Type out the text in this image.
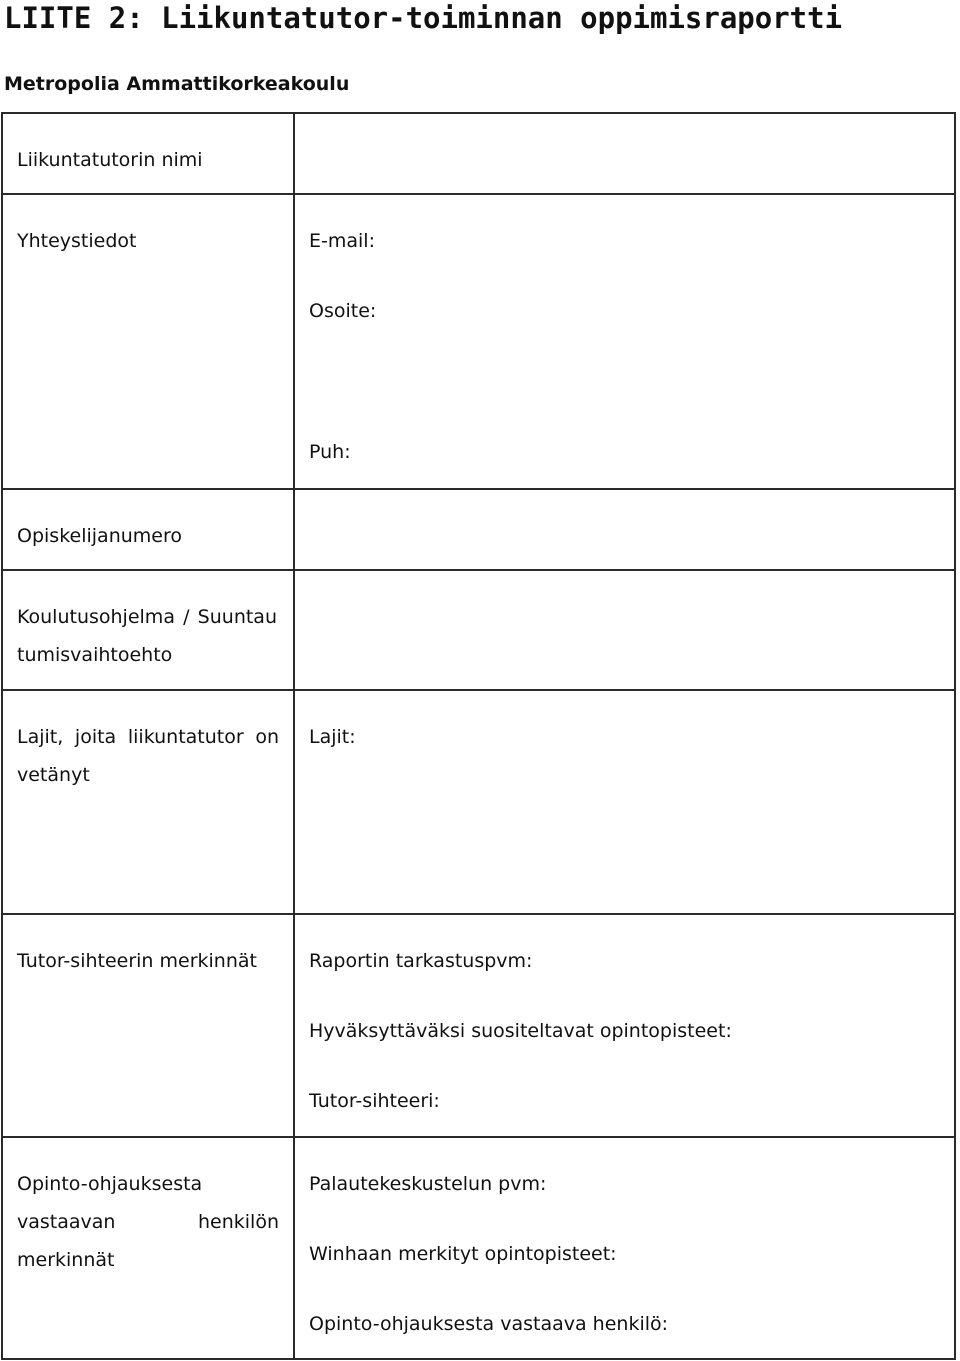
LIITE 2: Liikuntatutor-toiminnan oppimisraportti
Metropolia Ammattikorkeakoulu
Liikuntatutorin nimi	

Yhteystiedot	E-mail:
Osoite:
Puh:

Opiskelijanumero	

Koulutusohjelma / Suuntautumisvaihtoehto	

Lajit, joita liikuntatutor on vetänyt	Lajit:

Tutor-sihteerin merkinnät	Raportin tarkastuspvm:
Hyväksyttäväksi suositeltavat opintopisteet:
Tutor-sihteeri:

Opinto-ohjauksesta vastaavan henkilön merkinnät	Palautekeskustelun pvm:
Winhaan merkityt opintopisteet:
Opinto-ohjauksesta vastaava henkilö:
